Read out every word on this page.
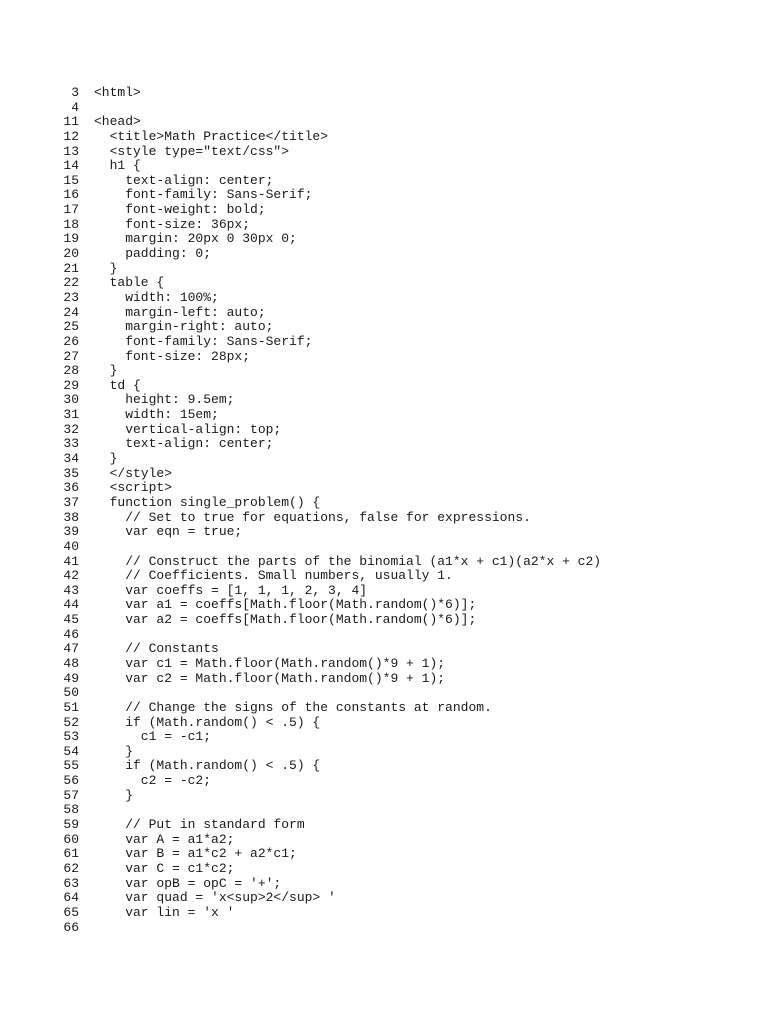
3	<html>
4
11	<head>
12	<title>Math Practice</title>
13	<style type="text/css">
14	h1 {
15	text-align: center;
16	font-family: Sans-Serif;
17	font-weight: bold;
18	font-size: 36px;
19	margin: 20px 0 30px 0;
20	padding: 0;
21	}
22	table {
23	width: 100%;
24	margin-left: auto;
25	margin-right: auto;
26	font-family: Sans-Serif;
27	font-size: 28px;
28	}
29	td {
30	height: 9.5em;
31	width: 15em;
32	vertical-align: top;
33	text-align: center;
34	}
35	</style>
36	<script>
37	function single_problem() {
38	// Set to true for equations, false for expressions.
39	var eqn = true;
40
41	// Construct the parts of the binomial (a1*x + c1)(a2*x + c2)
42	// Coefficients. Small numbers, usually 1.
43	var coeffs = [1, 1, 1, 2, 3, 4]
44	var a1 = coeffs[Math.floor(Math.random()*6)];
45	var a2 = coeffs[Math.floor(Math.random()*6)];
46
47	// Constants
48	var c1 = Math.floor(Math.random()*9 + 1);
49	var c2 = Math.floor(Math.random()*9 + 1);
50
51	// Change the signs of the constants at random.
52	if (Math.random() < .5) {
53	c1 = -c1;
54	}
55	if (Math.random() < .5) {
56	c2 = -c2;
57	}
58
59	// Put in standard form
60	var A = a1*a2;
61	var B = a1*c2 + a2*c1;
62	var C = c1*c2;
63	var opB = opC = '+';
64	var quad = 'x<sup>2</sup> '
65	var lin = 'x '
66
